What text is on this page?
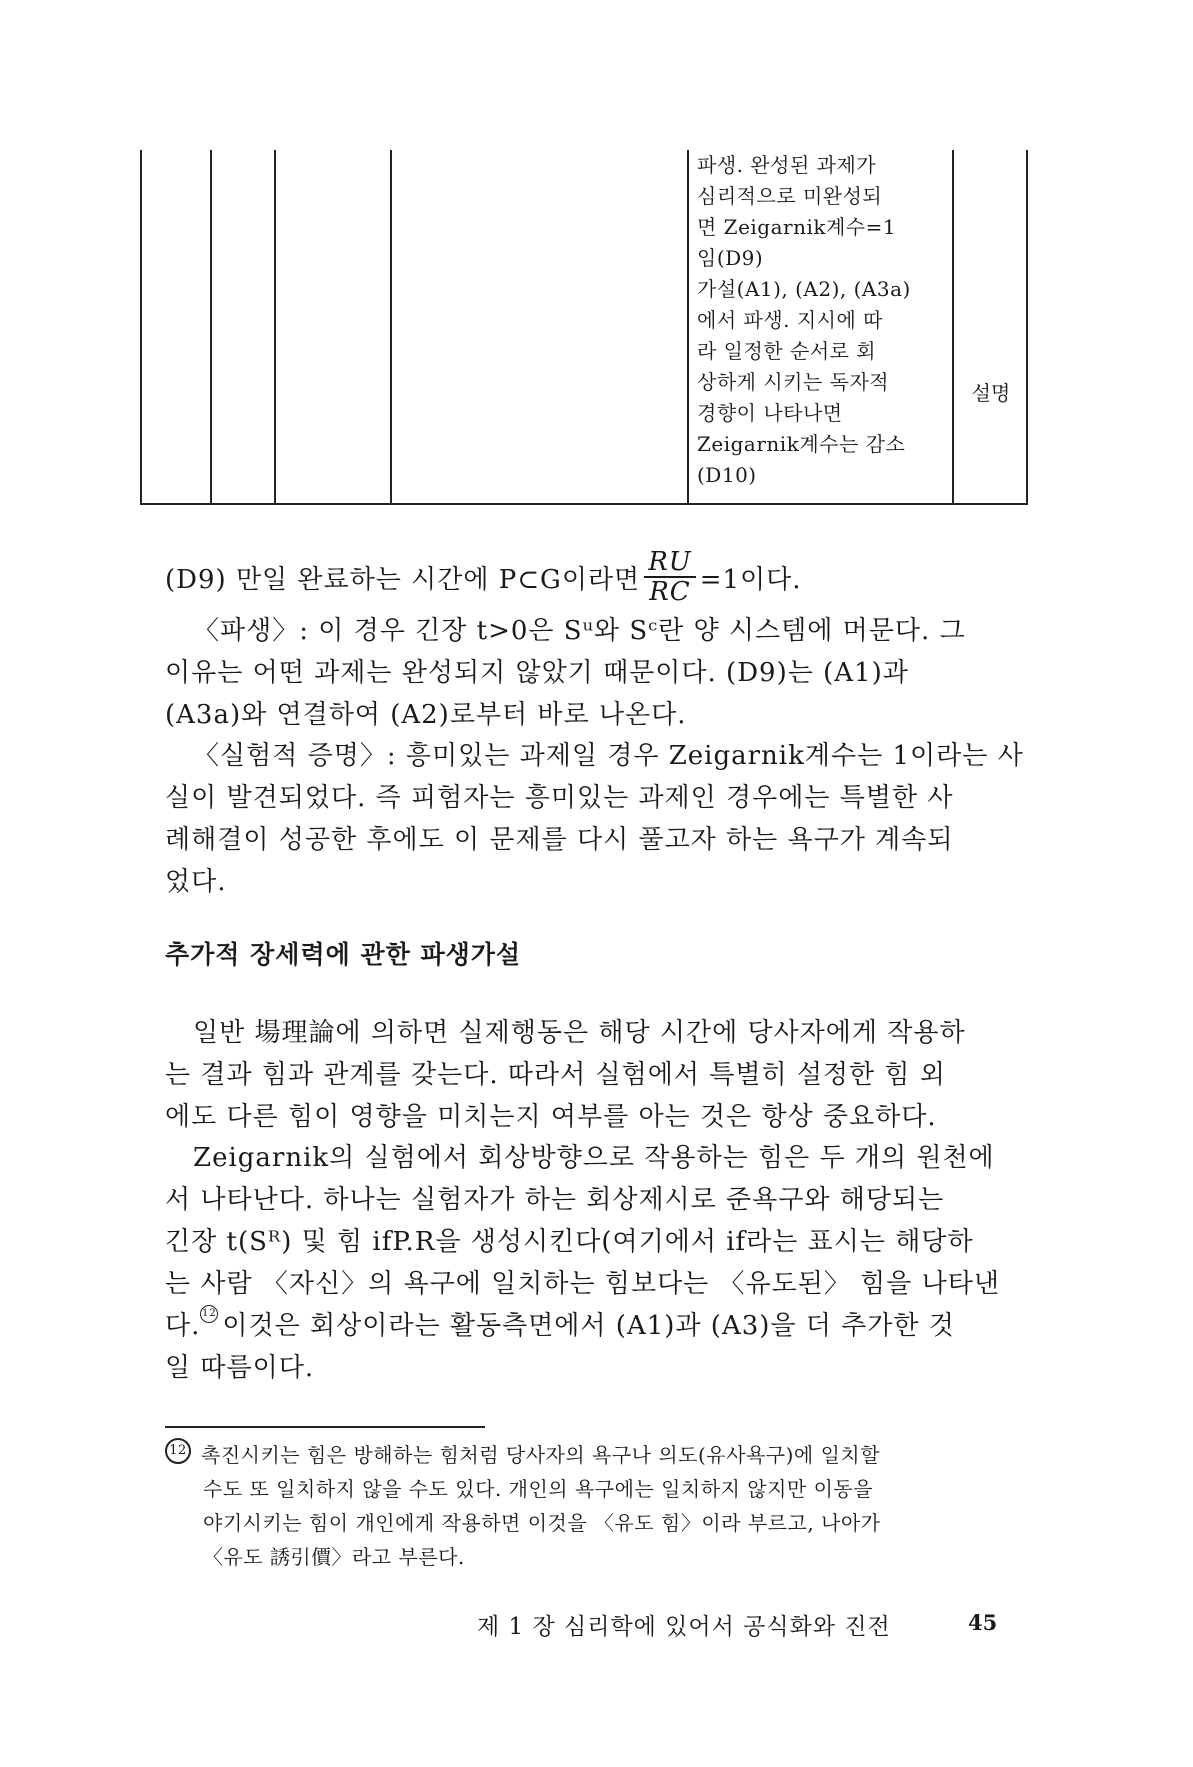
파생. 완성된 과제가
심리적으로 미완성되
면 Zeigarnik계수=1
임(D9)
가설(A1), (A2), (A3a)
에서 파생. 지시에 따
라 일정한 순서로 회
상하게 시키는 독자적
경향이 나타나면
Zeigarnik계수는 감소
(D10)
설명
(D9) 만일 완료하는 시간에 P⊂G이라면 $\frac{RU}{RC} =1$이다.
〈파생〉: 이 경우 긴장 t>0은 Sᵘ와 Sᶜ란 양 시스템에 머문다. 그
이유는 어떤 과제는 완성되지 않았기 때문이다. (D9)는 (A1)과
(A3a)와 연결하여 (A2)로부터 바로 나온다.
〈실험적 증명〉: 흥미있는 과제일 경우 Zeigarnik계수는 1이라는 사
실이 발견되었다. 즉 피험자는 흥미있는 과제인 경우에는 특별한 사
례해결이 성공한 후에도 이 문제를 다시 풀고자 하는 욕구가 계속되
었다.
추가적 장세력에 관한 파생가설
일반 場理論에 의하면 실제행동은 해당 시간에 당사자에게 작용하
는 결과 힘과 관계를 갖는다. 따라서 실험에서 특별히 설정한 힘 외
에도 다른 힘이 영향을 미치는지 여부를 아는 것은 항상 중요하다.
Zeigarnik의 실험에서 회상방향으로 작용하는 힘은 두 개의 원천에
서 나타난다. 하나는 실험자가 하는 회상제시로 준욕구와 해당되는
긴장 t(Sᴿ) 및 힘 ifP.R을 생성시킨다(여기에서 if라는 표시는 해당하
는 사람 〈자신〉의 욕구에 일치하는 힘보다는 〈유도된〉 힘을 나타낸
다. 12 이것은 회상이라는 활동측면에서 (A1)과 (A3)을 더 추가한 것
일 따름이다.
12 촉진시키는 힘은 방해하는 힘처럼 당사자의 욕구나 의도(유사욕구)에 일치할
수도 또 일치하지 않을 수도 있다. 개인의 욕구에는 일치하지 않지만 이동을
야기시키는 힘이 개인에게 작용하면 이것을 〈유도 힘〉이라 부르고, 나아가
〈유도 誘引價〉라고 부른다.
제 1 장 심리학에 있어서 공식화와 진전	45
